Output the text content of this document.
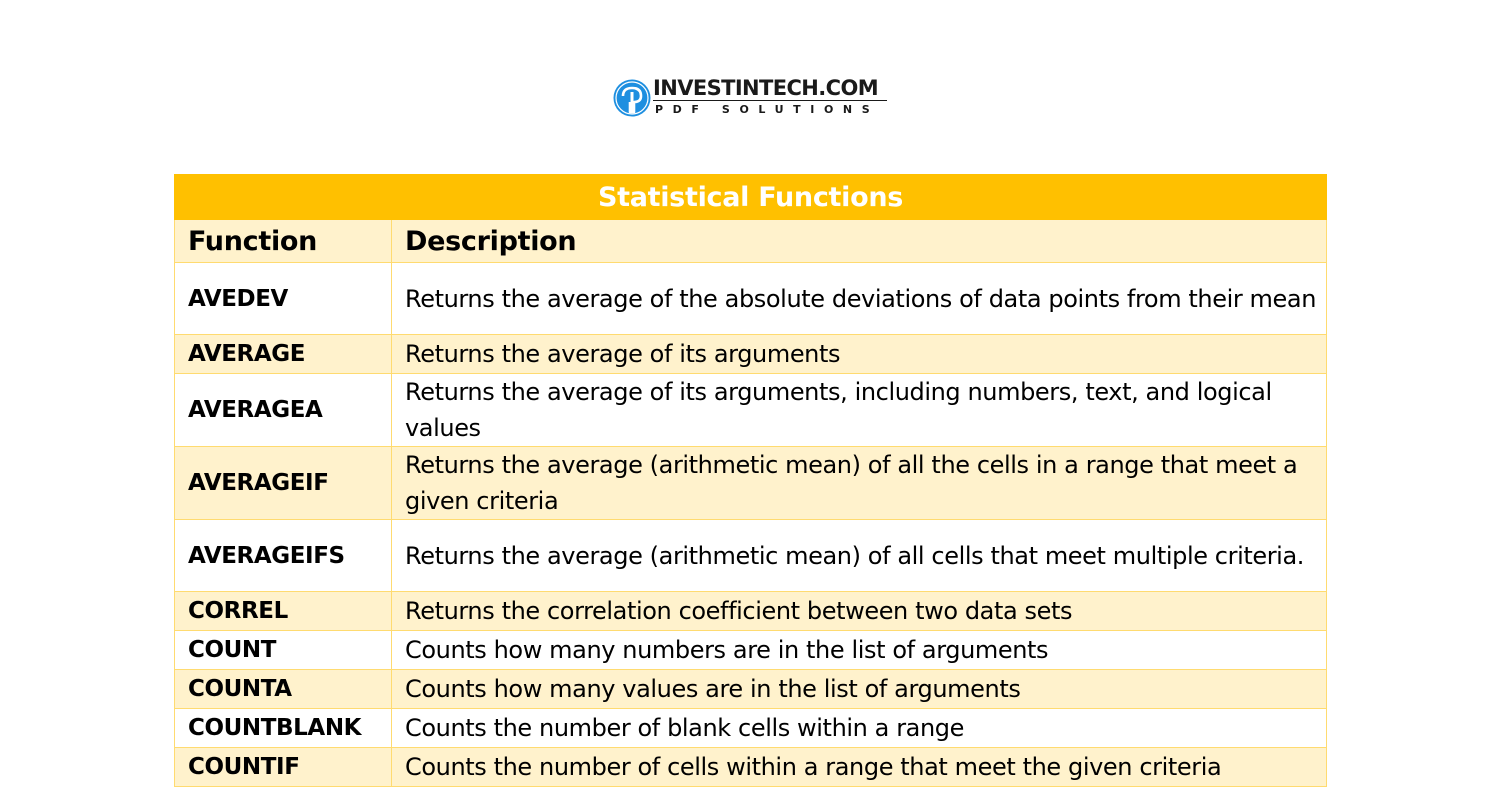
INVESTINTECH.COM
PDF SOLUTIONS
Statistical Functions	
Function	Description
AVEDEV	Returns the average of the absolute deviations of data points from their mean
AVERAGE	Returns the average of its arguments
AVERAGEA	Returns the average of its arguments, including numbers, text, and logical values
AVERAGEIF	Returns the average (arithmetic mean) of all the cells in a range that meet a given criteria
AVERAGEIFS	Returns the average (arithmetic mean) of all cells that meet multiple criteria.
CORREL	Returns the correlation coefficient between two data sets
COUNT	Counts how many numbers are in the list of arguments
COUNTA	Counts how many values are in the list of arguments
COUNTBLANK	Counts the number of blank cells within a range
COUNTIF	Counts the number of cells within a range that meet the given criteria
